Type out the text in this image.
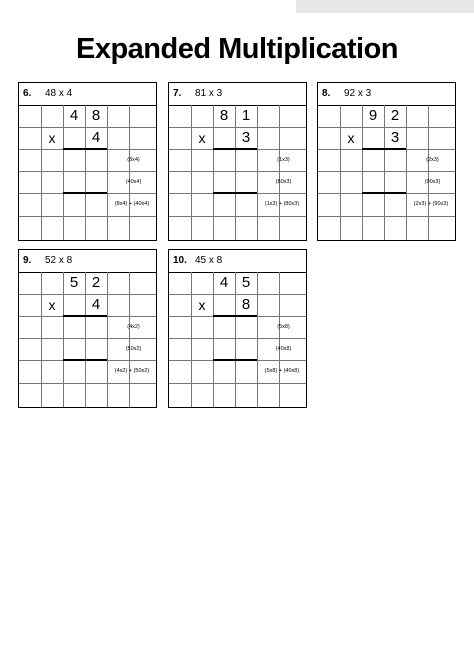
Expanded Multiplication
6. 48 x 4
4 8
x	4
(8x4)
(40x4)
(8x4) + (40x4)
7. 81 x 3
8 1
x	3
(1x3)
(80x3)
(1x3) + (80x3)
8. 92 x 3
9 2
x	3
(2x3)
(90x3)
(2x3) + (90x3)
9. 52 x 8
5 2
x	4
(4x2)
(50x2)
(4x2) + (50x2)
10. 45 x 8
4 5
x	8
(5x8)
(40x8)
(5x8) + (40x8)
